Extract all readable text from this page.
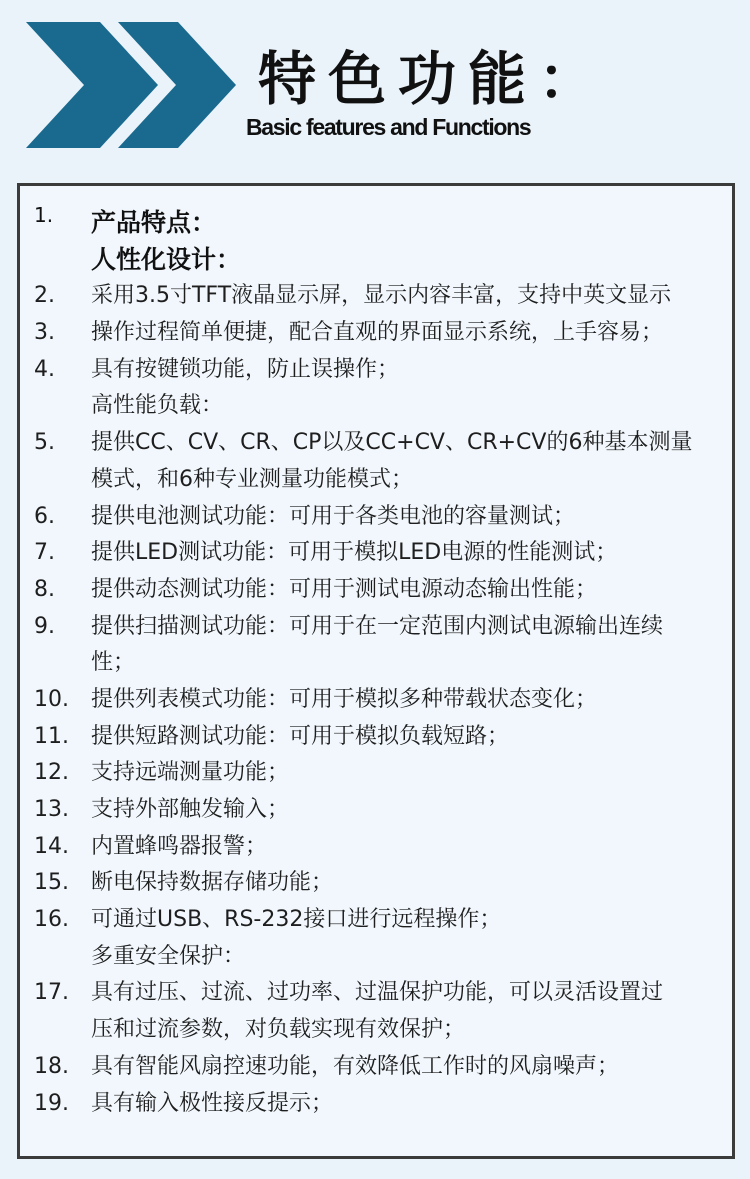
特色功能：

Basic features and Functions

1. 产品特点：
人性化设计：
2. 采用3.5寸TFT液晶显示屏，显示内容丰富，支持中英文显示
3. 操作过程简单便捷，配合直观的界面显示系统，上手容易；
4. 具有按键锁功能，防止误操作；
高性能负载：
5. 提供CC、CV、CR、CP以及CC+CV、CR+CV的6种基本测量
模式，和6种专业测量功能模式；
6. 提供电池测试功能：可用于各类电池的容量测试；
7. 提供LED测试功能：可用于模拟LED电源的性能测试；
8. 提供动态测试功能：可用于测试电源动态输出性能；
9. 提供扫描测试功能：可用于在一定范围内测试电源输出连续
性；
10. 提供列表模式功能：可用于模拟多种带载状态变化；
11. 提供短路测试功能：可用于模拟负载短路；
12. 支持远端测量功能；
13. 支持外部触发输入；
14. 内置蜂鸣器报警；
15. 断电保持数据存储功能；
16. 可通过USB、RS-232接口进行远程操作；
多重安全保护：
17. 具有过压、过流、过功率、过温保护功能，可以灵活设置过
压和过流参数，对负载实现有效保护；
18. 具有智能风扇控速功能，有效降低工作时的风扇噪声；
19. 具有输入极性接反提示；
